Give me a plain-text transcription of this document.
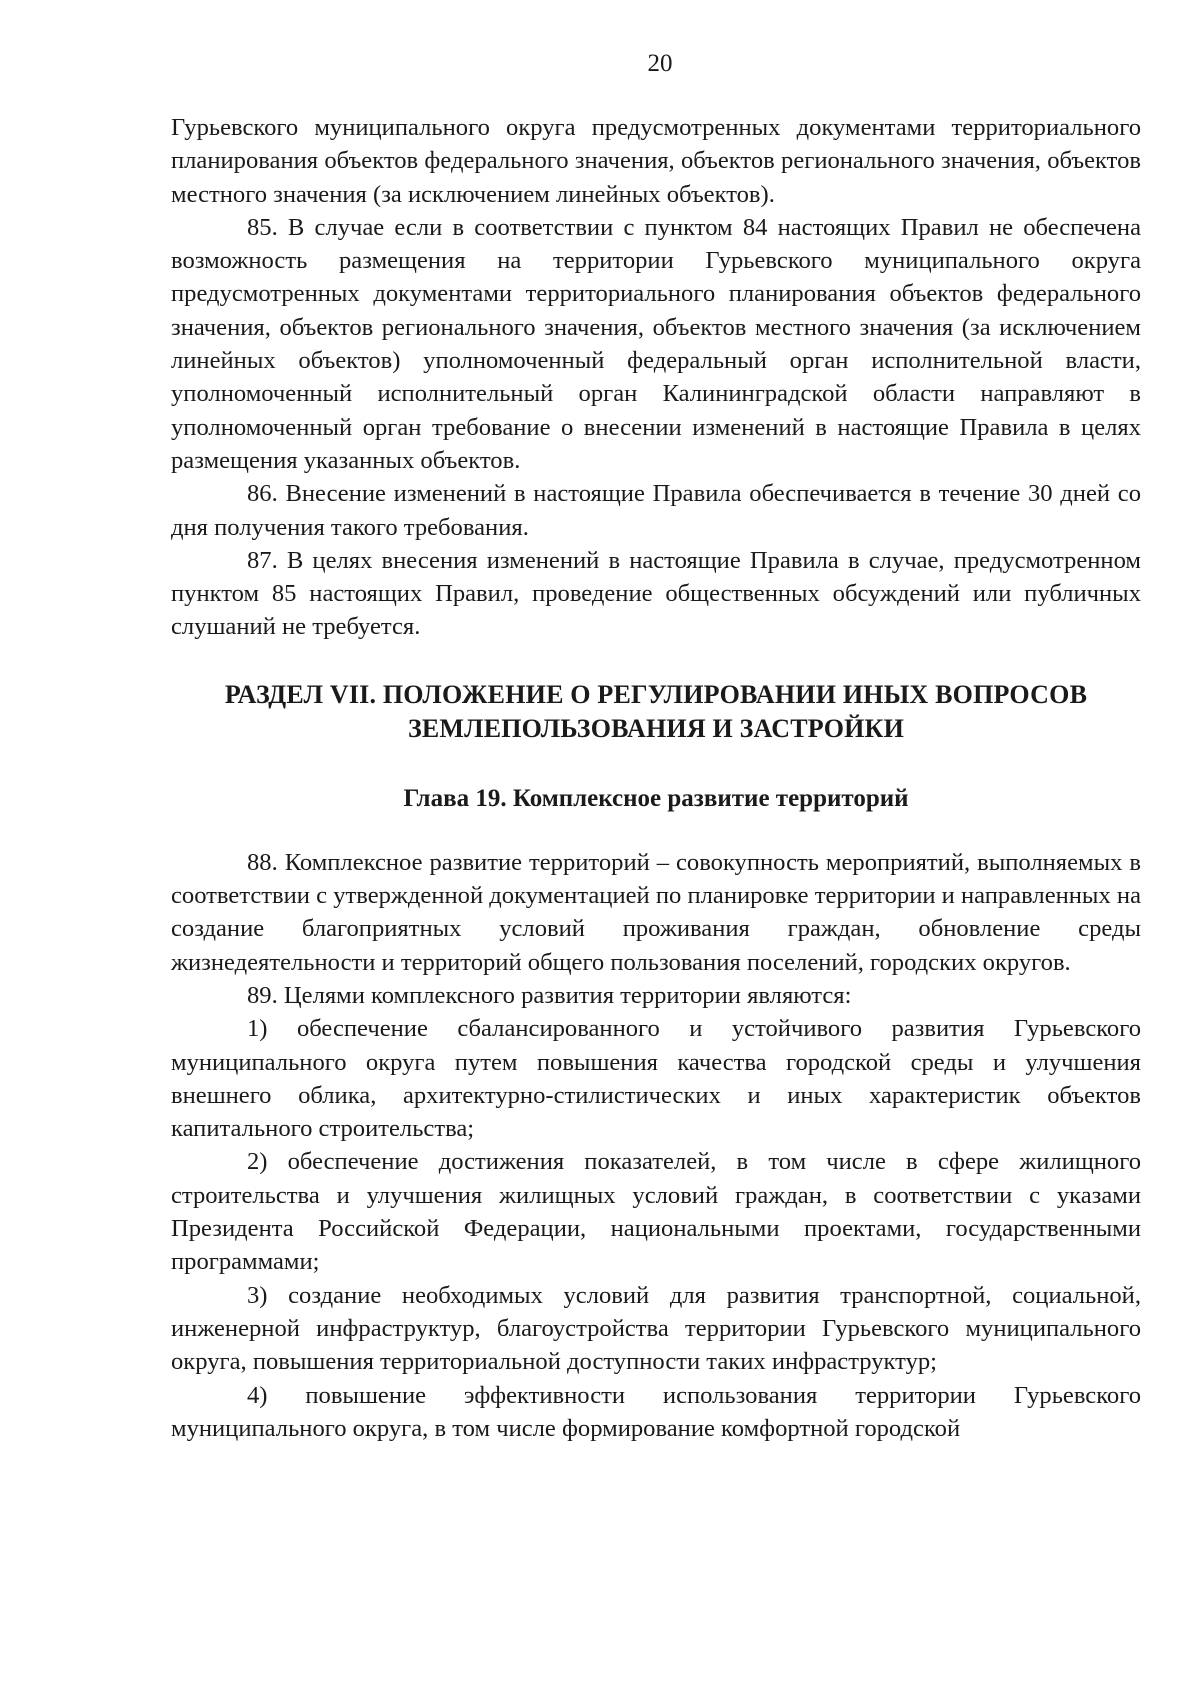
20

Гурьевского муниципального округа предусмотренных документами территориального планирования объектов федерального значения, объектов регионального значения, объектов местного значения (за исключением линейных объектов).

85. В случае если в соответствии с пунктом 84 настоящих Правил не обеспечена возможность размещения на территории Гурьевского муниципального округа предусмотренных документами территориального планирования объектов федерального значения, объектов регионального значения, объектов местного значения (за исключением линейных объектов) уполномоченный федеральный орган исполнительной власти, уполномоченный исполнительный орган Калининградской области направляют в уполномоченный орган требование о внесении изменений в настоящие Правила в целях размещения указанных объектов.

86. Внесение изменений в настоящие Правила обеспечивается в течение 30 дней со дня получения такого требования.

87. В целях внесения изменений в настоящие Правила в случае, предусмотренном пунктом 85 настоящих Правил, проведение общественных обсуждений или публичных слушаний не требуется.

РАЗДЕЛ VII. ПОЛОЖЕНИЕ О РЕГУЛИРОВАНИИ ИНЫХ ВОПРОСОВ
ЗЕМЛЕПОЛЬЗОВАНИЯ И ЗАСТРОЙКИ
Глава 19. Комплексное развитие территорий

88. Комплексное развитие территорий – совокупность мероприятий, выполняемых в соответствии с утвержденной документацией по планировке территории и направленных на создание благоприятных условий проживания граждан, обновление среды жизнедеятельности и территорий общего пользования поселений, городских округов.

89. Целями комплексного развития территории являются:

1) обеспечение сбалансированного и устойчивого развития Гурьевского муниципального округа путем повышения качества городской среды и улучшения внешнего облика, архитектурно-стилистических и иных характеристик объектов капитального строительства;

2) обеспечение достижения показателей, в том числе в сфере жилищного строительства и улучшения жилищных условий граждан, в соответствии с указами Президента Российской Федерации, национальными проектами, государственными программами;

3) создание необходимых условий для развития транспортной, социальной, инженерной инфраструктур, благоустройства территории Гурьевского муниципального округа, повышения территориальной доступности таких инфраструктур;

4) повышение эффективности использования территории Гурьевского муниципального округа, в том числе формирование комфортной городской
